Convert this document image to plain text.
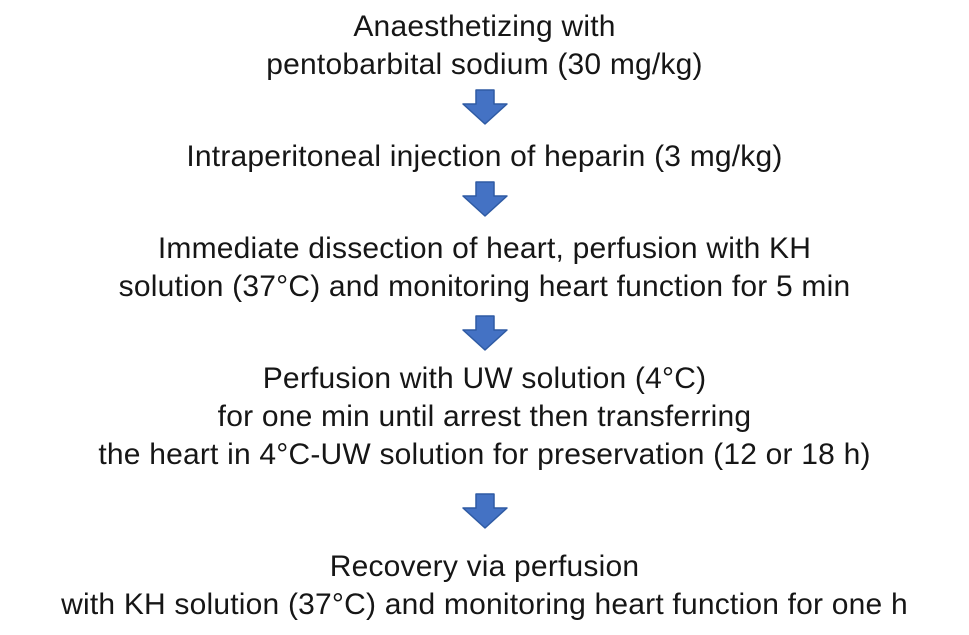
Anaesthetizing with
pentobarbital sodium (30 mg/kg)
Intraperitoneal injection of heparin (3 mg/kg)
Immediate dissection of heart, perfusion with KH
solution (37°C) and monitoring heart function for 5 min
Perfusion with UW solution (4°C)
for one min until arrest then transferring
the heart in 4°C-UW solution for preservation (12 or 18 h)
Recovery via perfusion
with KH solution (37°C) and monitoring heart function for one h
